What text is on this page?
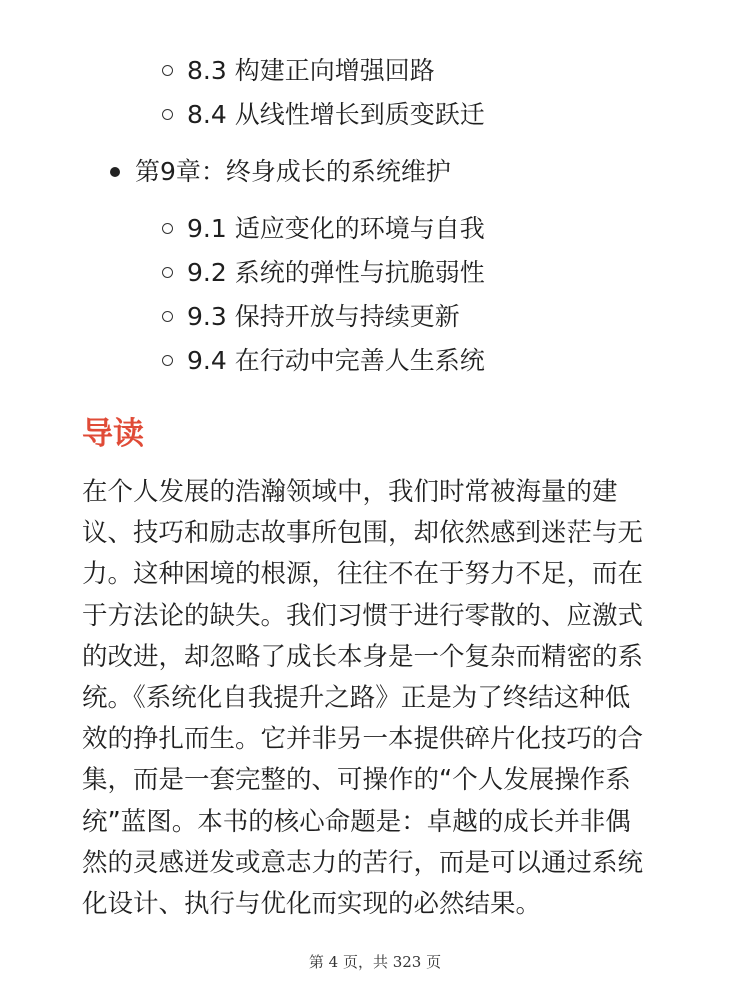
8.3 构建正向增强回路
8.4 从线性增长到质变跃迁
第9章：终身成长的系统维护
9.1 适应变化的环境与自我
9.2 系统的弹性与抗脆弱性
9.3 保持开放与持续更新
9.4 在行动中完善人生系统
导读

在个人发展的浩瀚领域中，我们时常被海量的建
议、技巧和励志故事所包围，却依然感到迷茫与无
力。这种困境的根源，往往不在于努力不足，而在
于方法论的缺失。我们习惯于进行零散的、应激式
的改进，却忽略了成长本身是一个复杂而精密的系
统。《系统化自我提升之路》正是为了终结这种低
效的挣扎而生。它并非另一本提供碎片化技巧的合
集，而是一套完整的、可操作的“个人发展操作系
统”蓝图。本书的核心命题是：卓越的成长并非偶
然的灵感迸发或意志力的苦行，而是可以通过系统
化设计、执行与优化而实现的必然结果。

第 4 页，共 323 页
